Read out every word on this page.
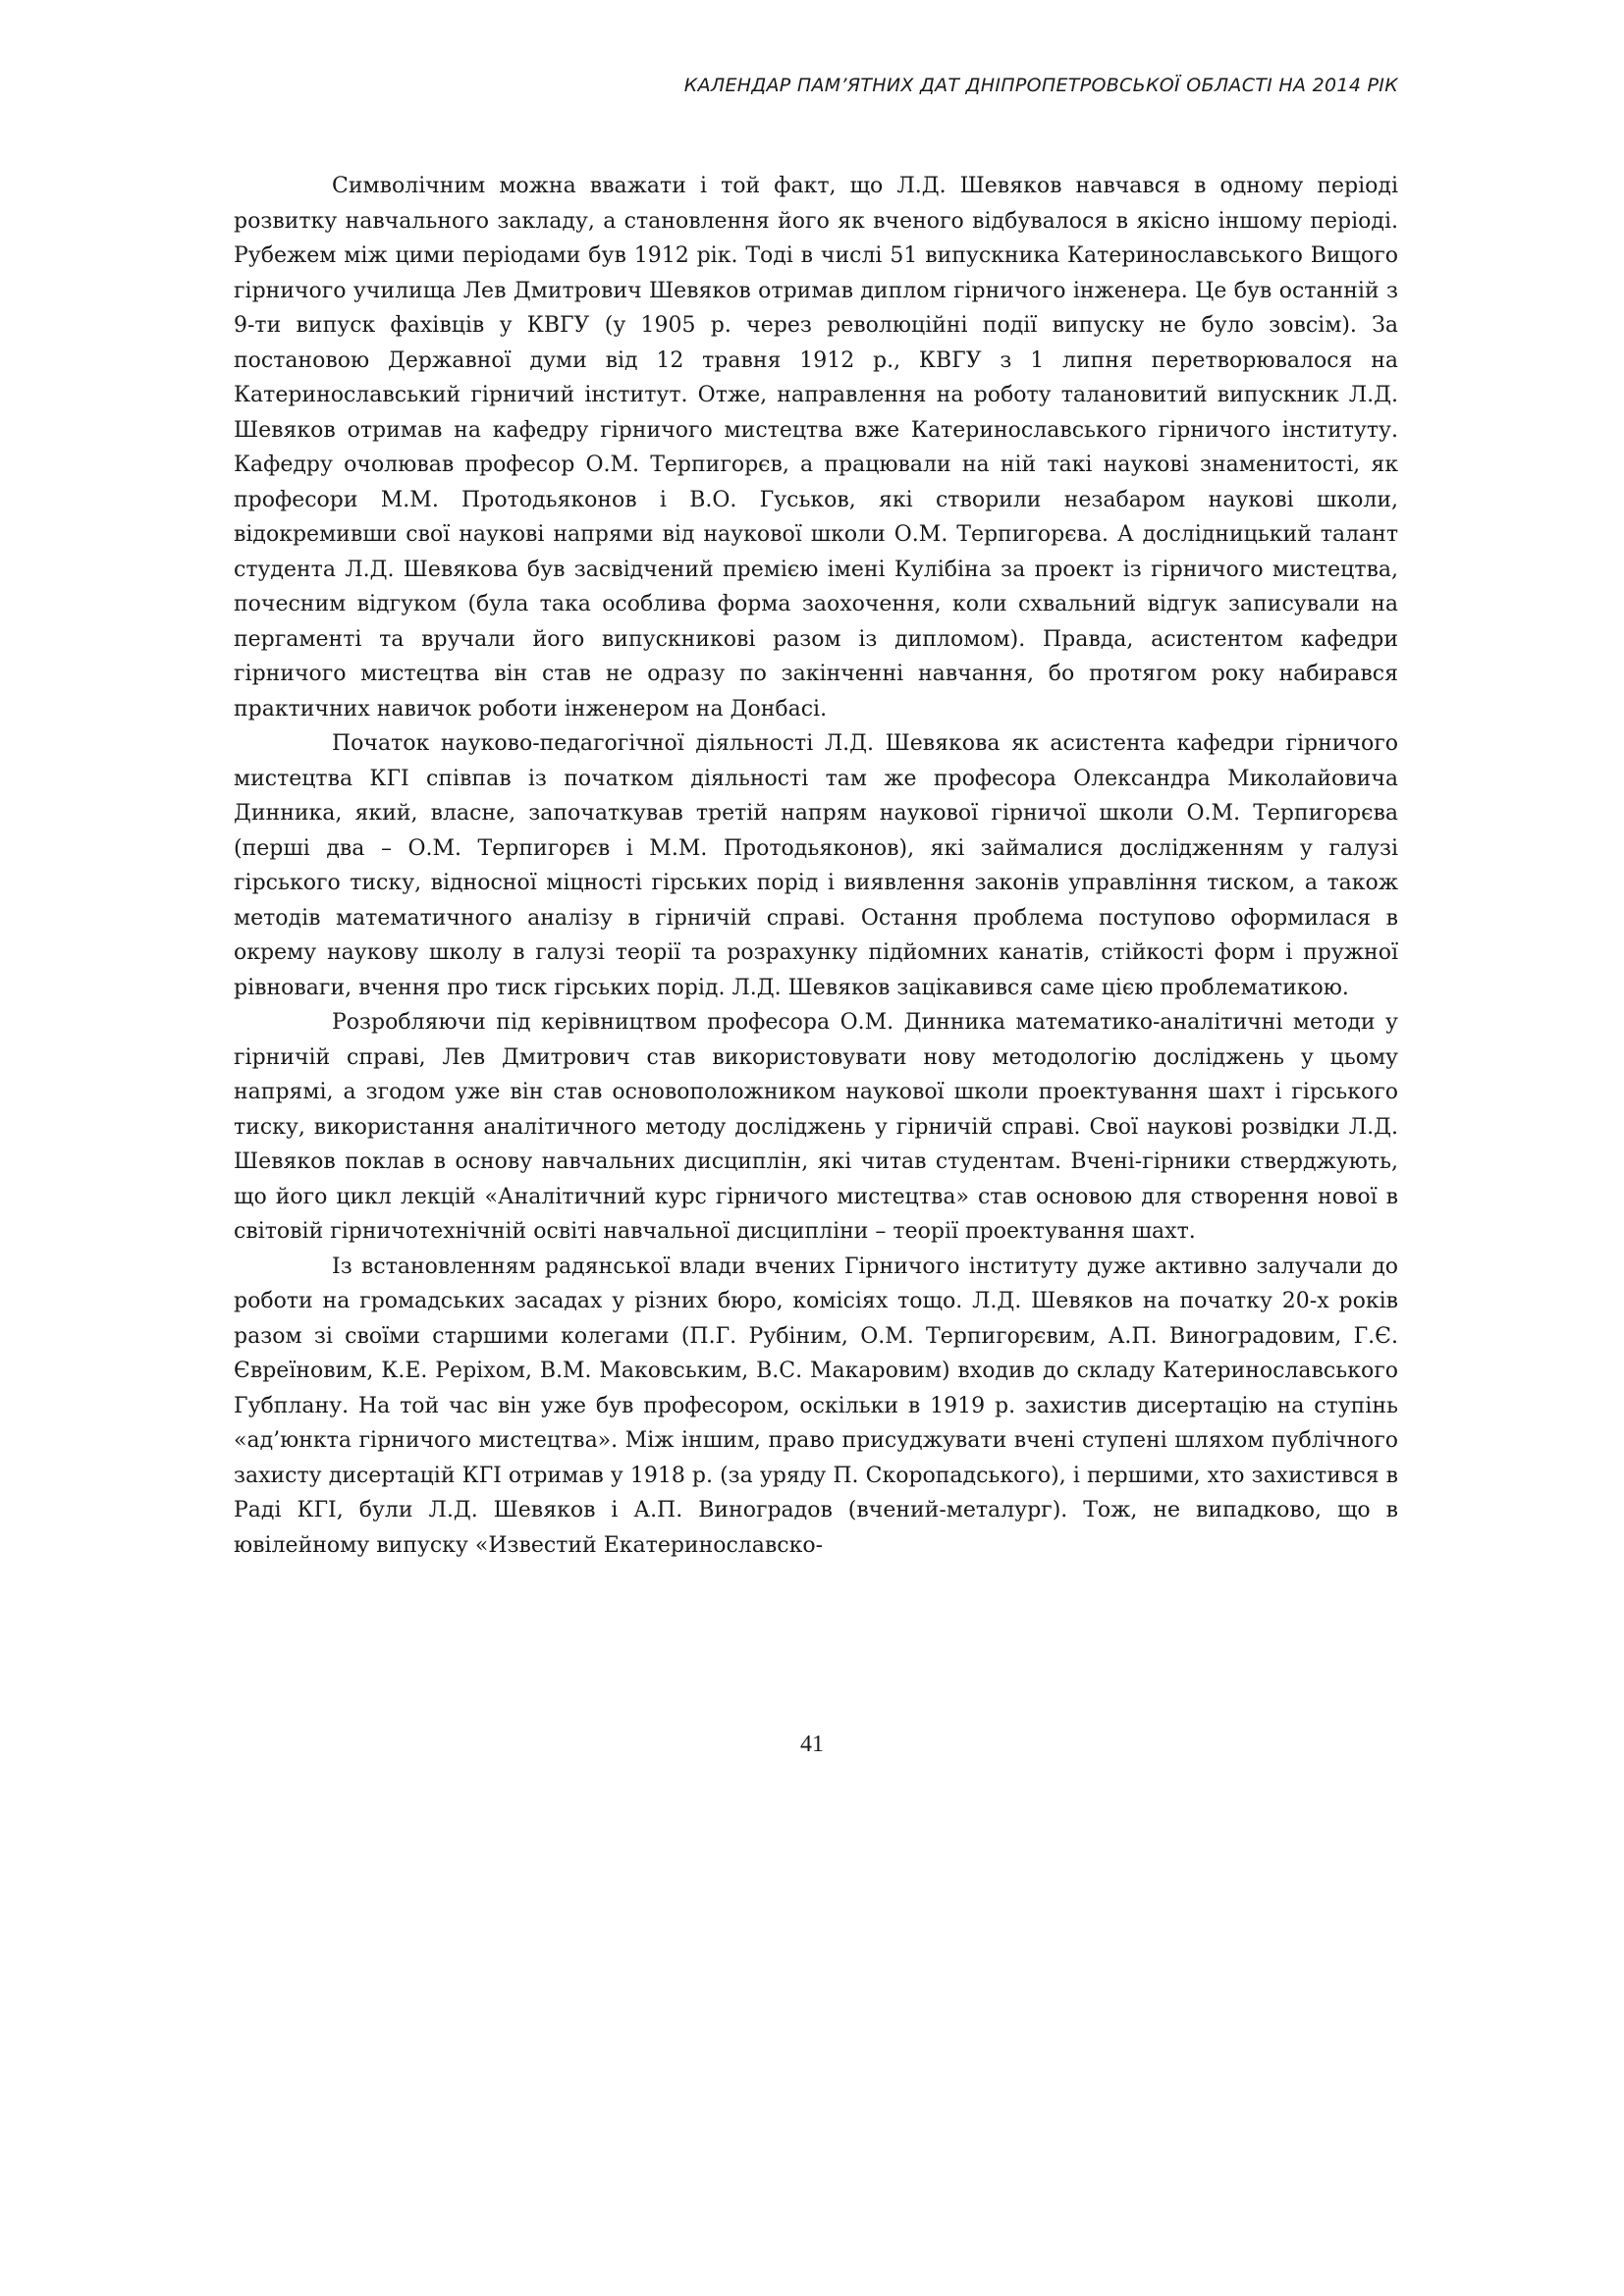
КАЛЕНДАР ПАМ’ЯТНИХ ДАТ ДНІПРОПЕТРОВСЬКОЇ ОБЛАСТІ НА 2014 РІК

Символічним можна вважати і той факт, що Л.Д. Шевяков навчався в одному періоді розвитку навчального закладу, а становлення його як вченого відбувалося в якісно іншому періоді. Рубежем між цими періодами був 1912 рік. Тоді в числі 51 випускника Катеринославського Вищого гірничого училища Лев Дмитрович Шевяков отримав диплом гірничого інженера. Це був останній з 9-ти випуск фахівців у КВГУ (у 1905 р. через революційні події випуску не було зовсім). За постановою Державної думи від 12 травня 1912 р., КВГУ з 1 липня перетворювалося на Катеринославський гірничий інститут. Отже, направлення на роботу талановитий випускник Л.Д. Шевяков отримав на кафедру гірничого мистецтва вже Катеринославського гірничого інституту. Кафедру очолював професор О.М. Терпигорєв, а працювали на ній такі наукові знаменитості, як професори М.М. Протодьяконов і В.О. Гуськов, які створили незабаром наукові школи, відокремивши свої наукові напрями від наукової школи О.М. Терпигорєва. А дослідницький талант студента Л.Д. Шевякова був засвідчений премією імені Кулібіна за проект із гірничого мистецтва, почесним відгуком (була така особлива форма заохочення, коли схвальний відгук записували на пергаменті та вручали його випускникові разом із дипломом). Правда, асистентом кафедри гірничого мистецтва він став не одразу по закінченні навчання, бо протягом року набирався практичних навичок роботи інженером на Донбасі.

Початок науково-педагогічної діяльності Л.Д. Шевякова як асистента кафедри гірничого мистецтва КГІ співпав із початком діяльності там же професора Олександра Миколайовича Динника, який, власне, започаткував третій напрям наукової гірничої школи О.М. Терпигорєва (перші два – О.М. Терпигорєв і М.М. Протодьяконов), які займалися дослідженням у галузі гірського тиску, відносної міцності гірських порід і виявлення законів управління тиском, а також методів математичного аналізу в гірничій справі. Остання проблема поступово оформилася в окрему наукову школу в галузі теорії та розрахунку підйомних канатів, стійкості форм і пружної рівноваги, вчення про тиск гірських порід. Л.Д. Шевяков зацікавився саме цією проблематикою.

Розробляючи під керівництвом професора О.М. Динника математико-аналітичні методи у гірничій справі, Лев Дмитрович став використовувати нову методологію досліджень у цьому напрямі, а згодом уже він став основоположником наукової школи проектування шахт і гірського тиску, використання аналітичного методу досліджень у гірничій справі. Свої наукові розвідки Л.Д. Шевяков поклав в основу навчальних дисциплін, які читав студентам. Вчені-гірники стверджують, що його цикл лекцій «Аналітичний курс гірничого мистецтва» став основою для створення нової в світовій гірничотехнічній освіті навчальної дисципліни – теорії проектування шахт.

Із встановленням радянської влади вчених Гірничого інституту дуже активно залучали до роботи на громадських засадах у різних бюро, комісіях тощо. Л.Д. Шевяков на початку 20-х років разом зі своїми старшими колегами (П.Г. Рубіним, О.М. Терпигорєвим, А.П. Виноградовим, Г.Є. Євреїновим, К.Е. Реріхом, В.М. Маковським, В.С. Макаровим) входив до складу Катеринославського Губплану. На той час він уже був професором, оскільки в 1919 р. захистив дисертацію на ступінь «ад’юнкта гірничого мистецтва». Між іншим, право присуджувати вчені ступені шляхом публічного захисту дисертацій КГІ отримав у 1918 р. (за уряду П. Скоропадського), і першими, хто захистився в Раді КГІ, були Л.Д. Шевяков і А.П. Виноградов (вчений-металург). Тож, не випадково, що в ювілейному випуску «Известий Екатеринославско-

41
